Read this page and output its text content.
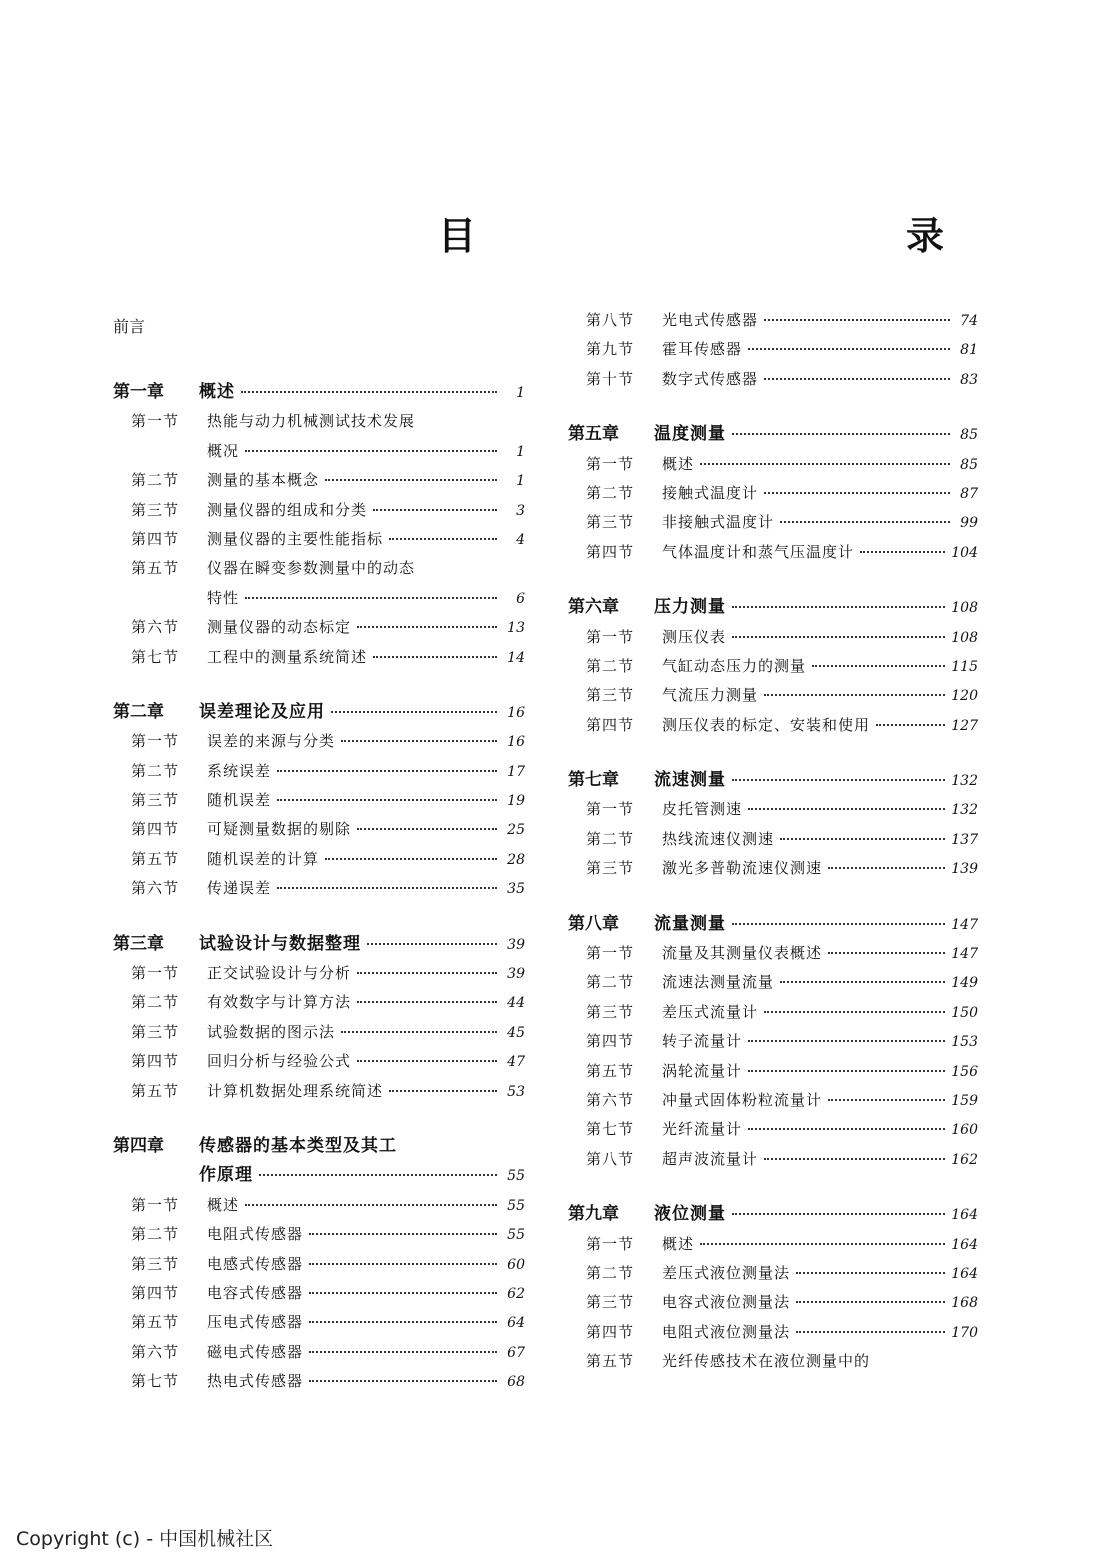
目　　录
前言
第一章	概述	1
第一节	热能与动力机械测试技术发展
概况	1
第二节	测量的基本概念	1
第三节	测量仪器的组成和分类	3
第四节	测量仪器的主要性能指标	4
第五节	仪器在瞬变参数测量中的动态
特性	6
第六节	测量仪器的动态标定	13
第七节	工程中的测量系统简述	14
第二章	误差理论及应用	16
第一节	误差的来源与分类	16
第二节	系统误差	17
第三节	随机误差	19
第四节	可疑测量数据的剔除	25
第五节	随机误差的计算	28
第六节	传递误差	35
第三章	试验设计与数据整理	39
第一节	正交试验设计与分析	39
第二节	有效数字与计算方法	44
第三节	试验数据的图示法	45
第四节	回归分析与经验公式	47
第五节	计算机数据处理系统简述	53
第四章	传感器的基本类型及其工
作原理	55
第一节	概述	55
第二节	电阻式传感器	55
第三节	电感式传感器	60
第四节	电容式传感器	62
第五节	压电式传感器	64
第六节	磁电式传感器	67
第七节	热电式传感器	68
第八节	光电式传感器	74
第九节	霍耳传感器	81
第十节	数字式传感器	83
第五章	温度测量	85
第一节	概述	85
第二节	接触式温度计	87
第三节	非接触式温度计	99
第四节	气体温度计和蒸气压温度计	104
第六章	压力测量	108
第一节	测压仪表	108
第二节	气缸动态压力的测量	115
第三节	气流压力测量	120
第四节	测压仪表的标定、安装和使用	127
第七章	流速测量	132
第一节	皮托管测速	132
第二节	热线流速仪测速	137
第三节	激光多普勒流速仪测速	139
第八章	流量测量	147
第一节	流量及其测量仪表概述	147
第二节	流速法测量流量	149
第三节	差压式流量计	150
第四节	转子流量计	153
第五节	涡轮流量计	156
第六节	冲量式固体粉粒流量计	159
第七节	光纤流量计	160
第八节	超声波流量计	162
第九章	液位测量	164
第一节	概述	164
第二节	差压式液位测量法	164
第三节	电容式液位测量法	168
第四节	电阻式液位测量法	170
第五节	光纤传感技术在液位测量中的
Copyright (c) - 中国机械社区
